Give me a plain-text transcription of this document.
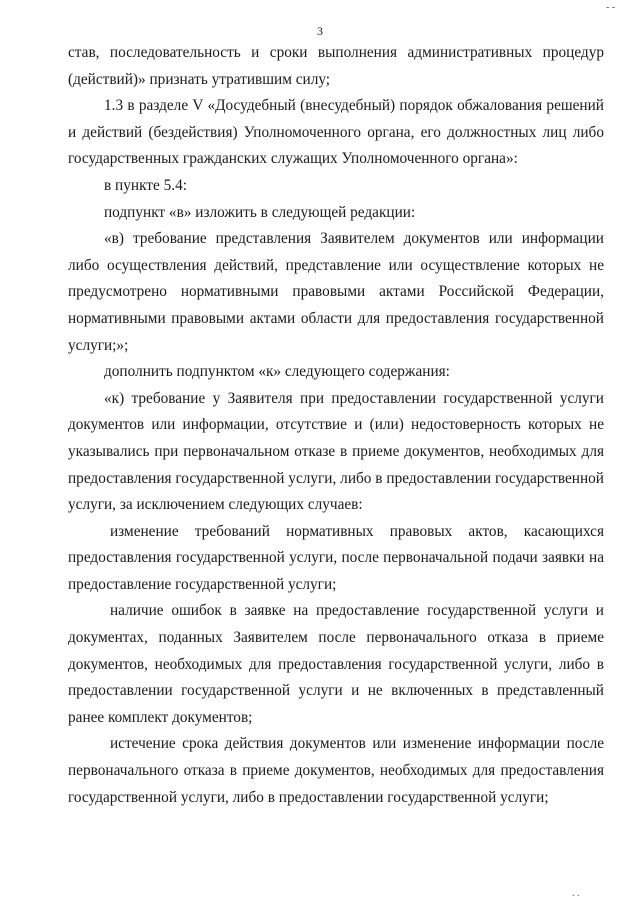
3

став, последовательность и сроки выполнения административных процедур (действий)» признать утратившим силу;

1.3 в разделе V «Досудебный (внесудебный) порядок обжалования решений и действий (бездействия) Уполномоченного органа, его должностных лиц либо государственных гражданских служащих Уполномоченного органа»:

в пункте 5.4:

подпункт «в» изложить в следующей редакции:

«в) требование представления Заявителем документов или информации либо осуществления действий, представление или осуществление которых не предусмотрено нормативными правовыми актами Российской Федерации, нормативными правовыми актами области для предоставления государственной услуги;»;

дополнить подпунктом «к» следующего содержания:

«к) требование у Заявителя при предоставлении государственной услуги документов или информации, отсутствие и (или) недостоверность которых не указывались при первоначальном отказе в приеме документов, необходимых для предоставления государственной услуги, либо в предоставлении государственной услуги, за исключением следующих случаев:

изменение требований нормативных правовых актов, касающихся предоставления государственной услуги, после первоначальной подачи заявки на предоставление государственной услуги;

наличие ошибок в заявке на предоставление государственной услуги и документах, поданных Заявителем после первоначального отказа в приеме документов, необходимых для предоставления государственной услуги, либо в предоставлении государственной услуги и не включенных в представленный ранее комплект документов;

истечение срока действия документов или изменение информации после первоначального отказа в приеме документов, необходимых для предоставления государственной услуги, либо в предоставлении государственной услуги;

- -
. .
